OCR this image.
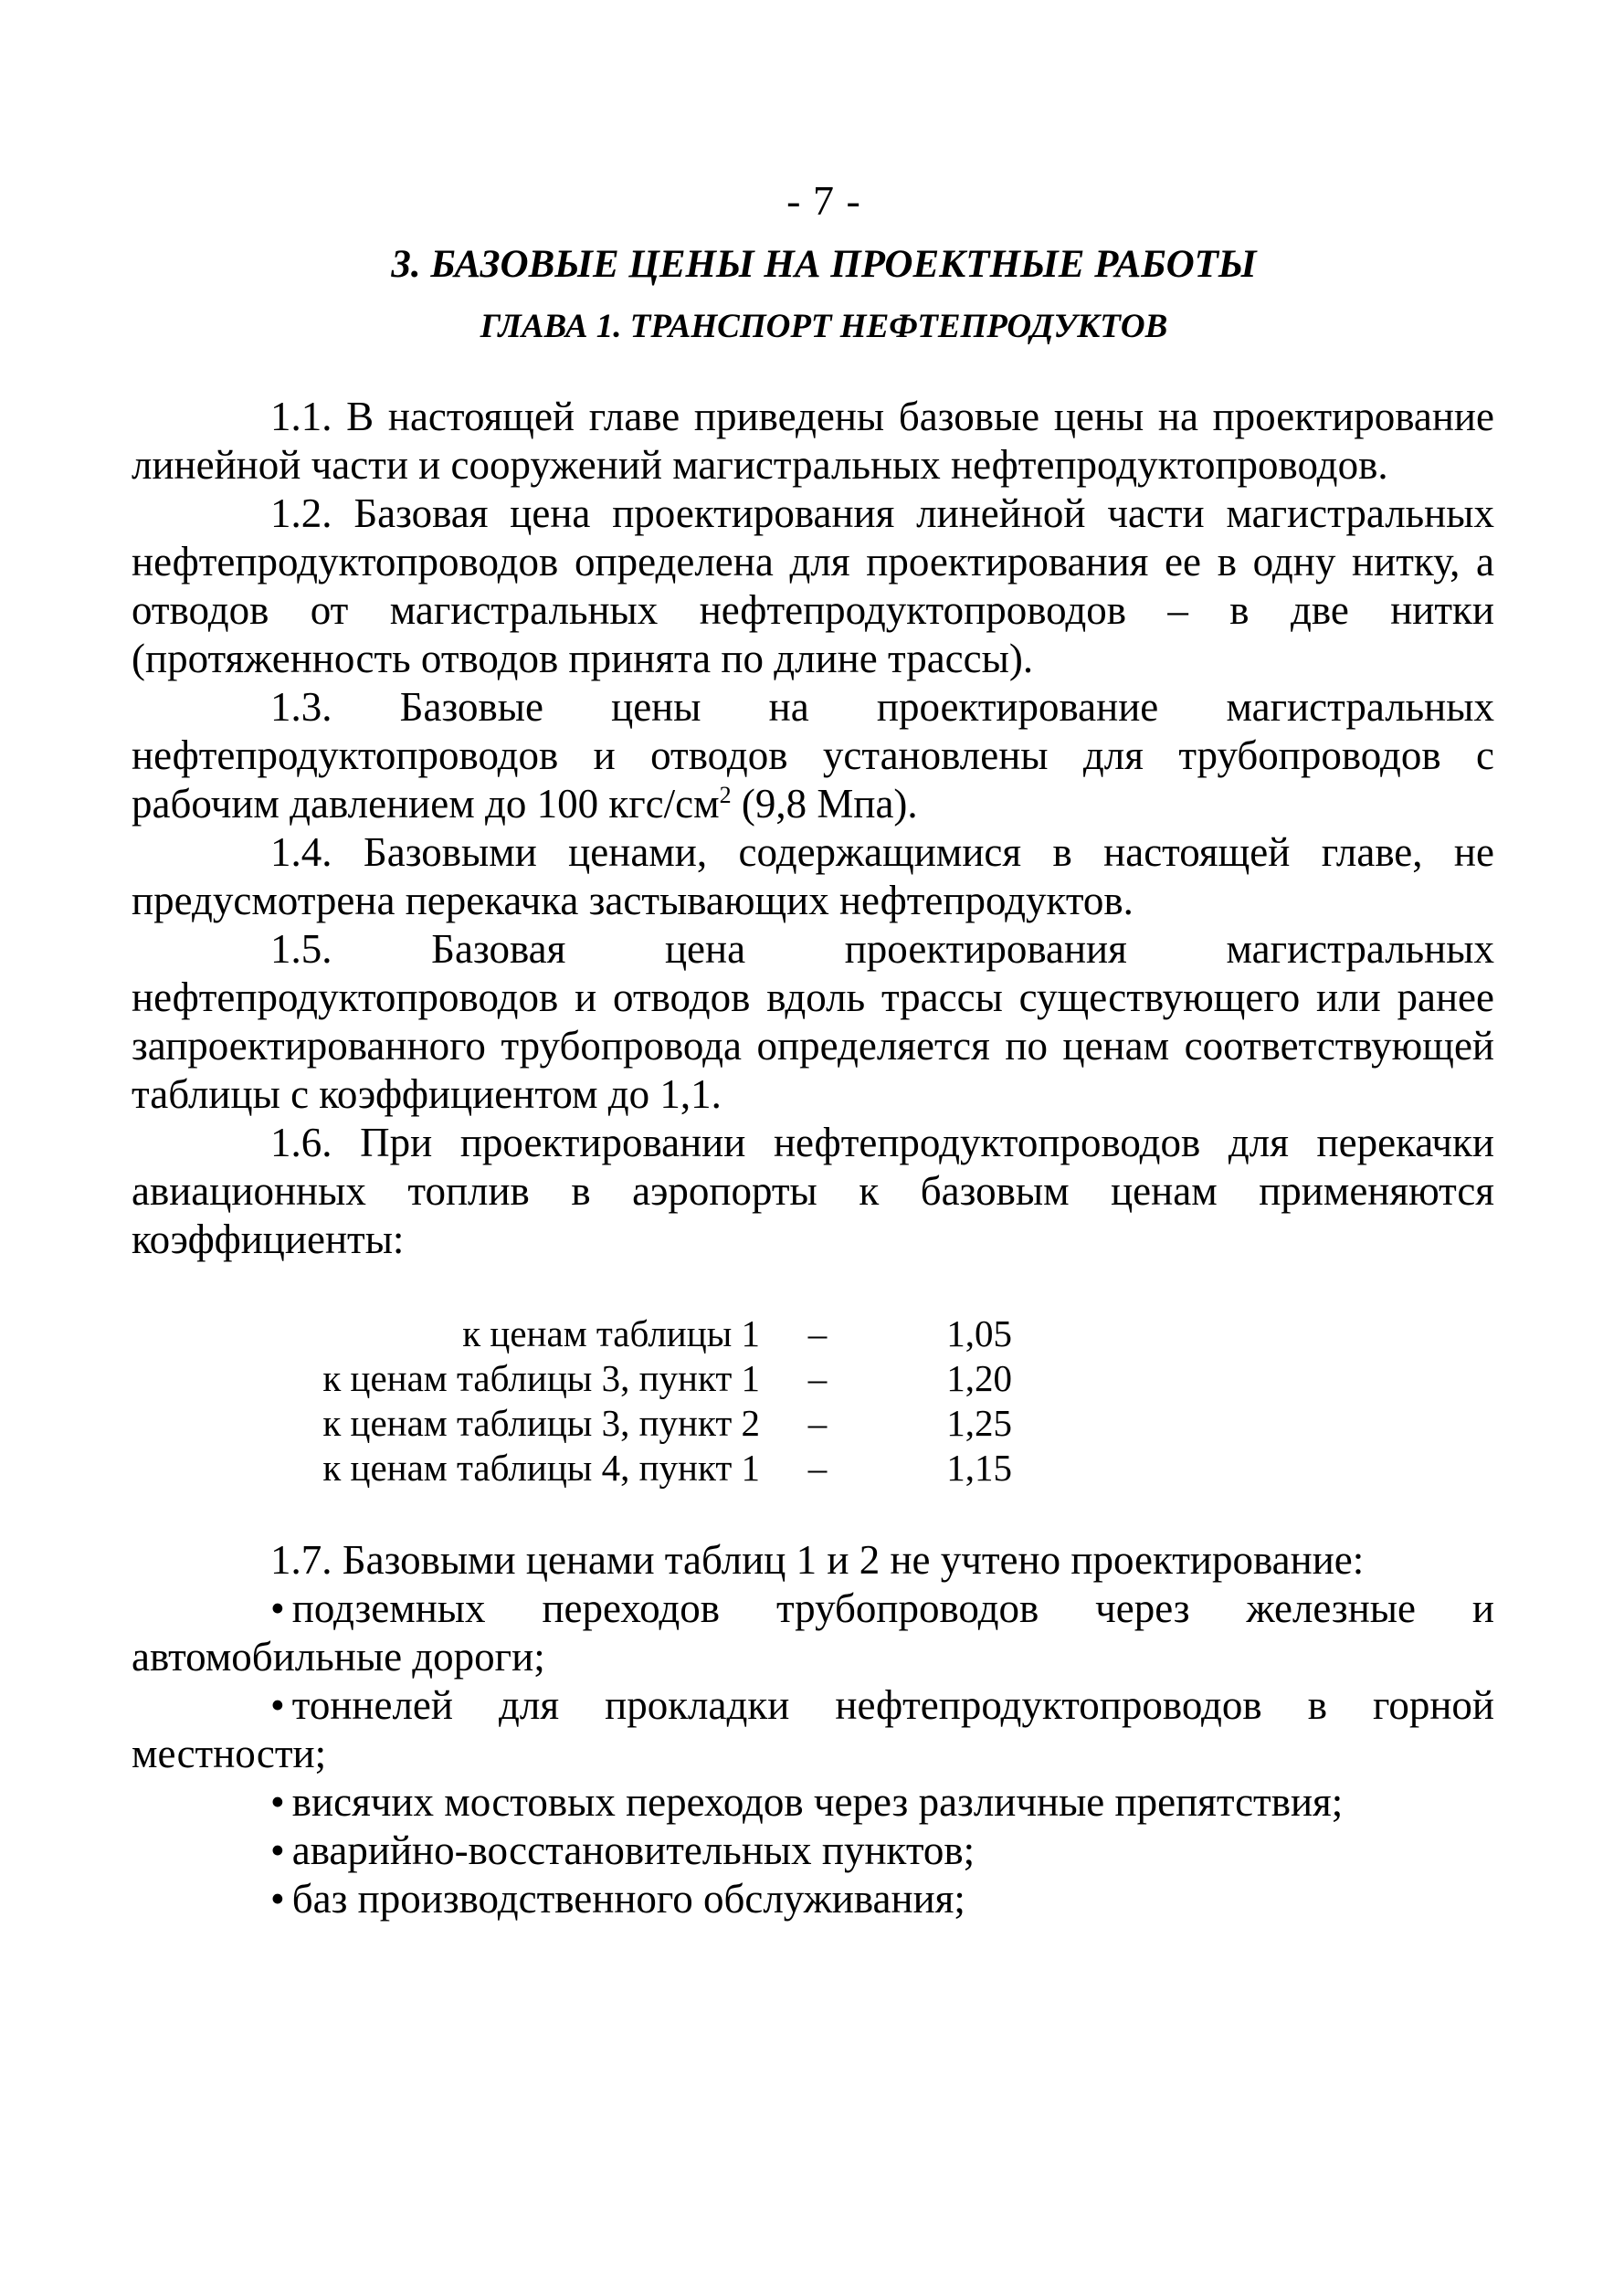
- 7 -
3. БАЗОВЫЕ ЦЕНЫ НА ПРОЕКТНЫЕ РАБОТЫ
ГЛАВА 1. ТРАНСПОРТ НЕФТЕПРОДУКТОВ

1.1. В настоящей главе приведены базовые цены на проектирование линейной части и сооружений магистральных нефтепродуктопроводов.

1.2. Базовая цена проектирования линейной части магистральных нефтепродуктопроводов определена для проектирования ее в одну нитку, а отводов от магистральных нефтепродуктопроводов – в две нитки (протяженность отводов принята по длине трассы).

1.3. Базовые цены на проектирование магистральных нефтепродуктопроводов и отводов установлены для трубопроводов с рабочим давлением до 100 кгс/$см^2$ (9,8 Мпа).

1.4. Базовыми ценами, содержащимися в настоящей главе, не предусмотрена перекачка застывающих нефтепродуктов.

1.5. Базовая цена проектирования магистральных нефтепродуктопроводов и отводов вдоль трассы существующего или ранее запроектированного трубопровода определяется по ценам соответствующей таблицы с коэффициентом до 1,1.

1.6. При проектировании нефтепродуктопроводов для перекачки авиационных топлив в аэропорты к базовым ценам применяются коэффициенты:

к ценам таблицы 1	–	1,05
к ценам таблицы 3, пункт 1	–	1,20
к ценам таблицы 3, пункт 2	–	1,25
к ценам таблицы 4, пункт 1	–	1,15

1.7. Базовыми ценами таблиц 1 и 2 не учтено проектирование:

• подземных переходов трубопроводов через железные и автомобильные дороги;

• тоннелей для прокладки нефтепродуктопроводов в горной местности;

• висячих мостовых переходов через различные препятствия;

• аварийно-восстановительных пунктов;

• баз производственного обслуживания;
